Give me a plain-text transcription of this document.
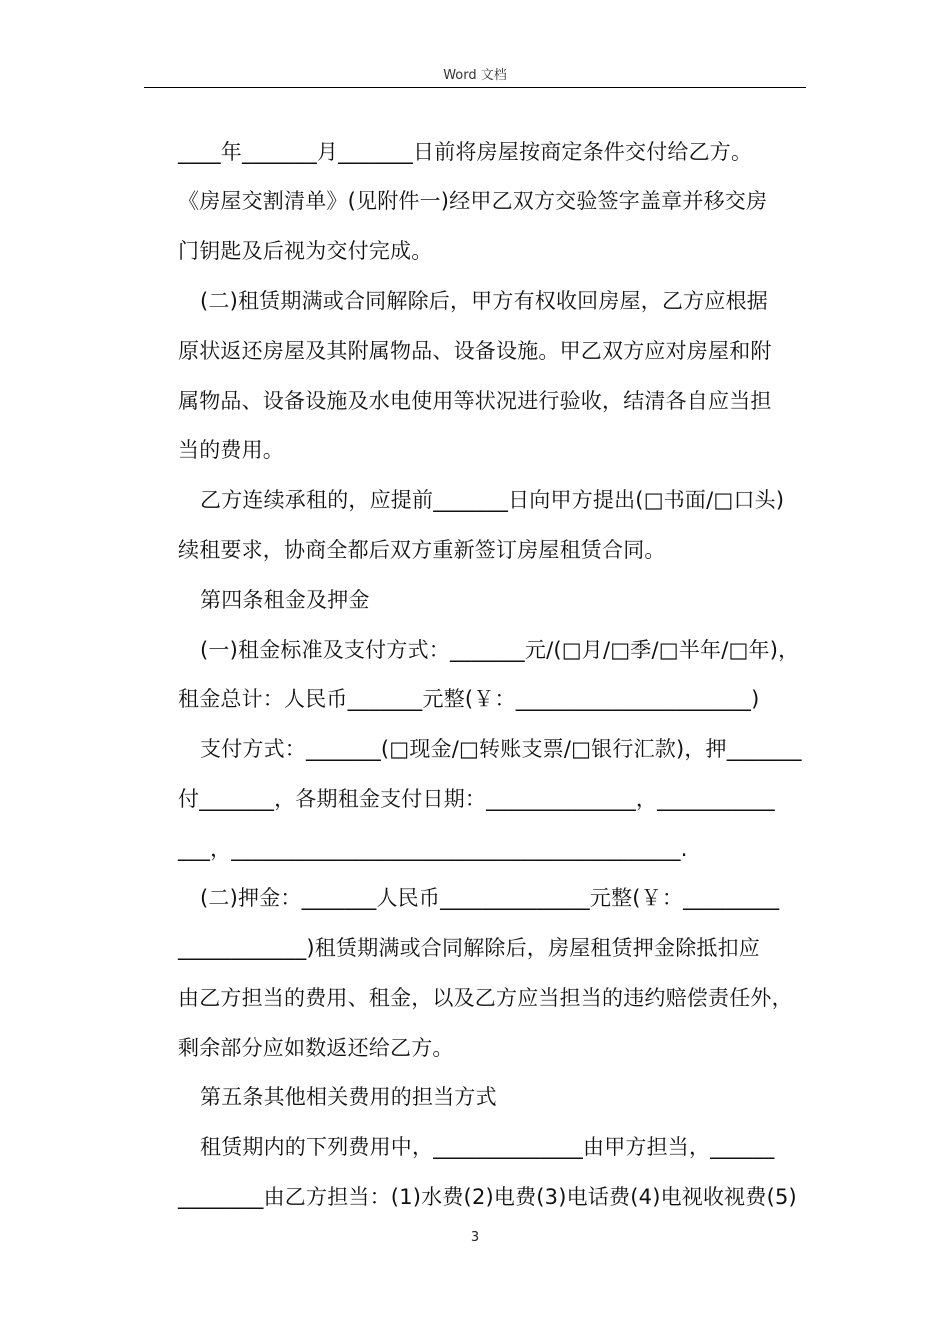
Word 文档
____年_______月_______日前将房屋按商定条件交付给乙方。
《房屋交割清单》(见附件一)经甲乙双方交验签字盖章并移交房
门钥匙及后视为交付完成。
(二)租赁期满或合同解除后，甲方有权收回房屋，乙方应根据
原状返还房屋及其附属物品、设备设施。甲乙双方应对房屋和附
属物品、设备设施及水电使用等状况进行验收，结清各自应当担
当的费用。
乙方连续承租的，应提前_______日向甲方提出(□书面/□口头)
续租要求，协商全都后双方重新签订房屋租赁合同。
第四条租金及押金
(一)租金标准及支付方式：_______元/(□月/□季/□半年/□年)，
租金总计：人民币_______元整(￥：______________________)
支付方式：_______(□现金/□转账支票/□银行汇款)，押_______
付_______，各期租金支付日期：______________，___________
___，__________________________________________.
(二)押金：_______人民币______________元整(￥：_________
____________)租赁期满或合同解除后，房屋租赁押金除抵扣应
由乙方担当的费用、租金，以及乙方应当担当的违约赔偿责任外，
剩余部分应如数返还给乙方。
第五条其他相关费用的担当方式
租赁期内的下列费用中，______________由甲方担当，______
________由乙方担当：(1)水费(2)电费(3)电话费(4)电视收视费(5)
3
